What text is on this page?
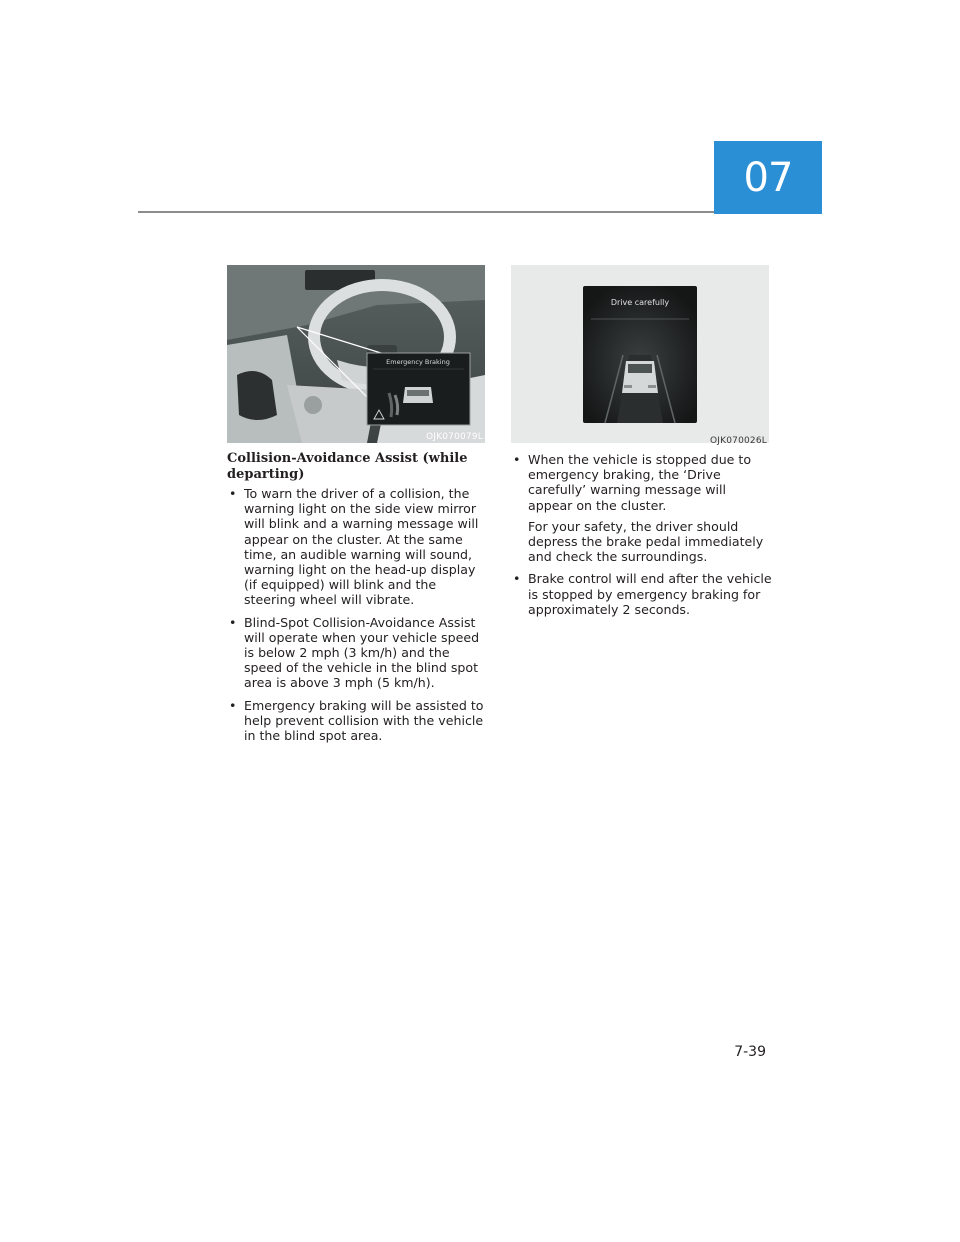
07
Emergency Braking
OJK070079L
Drive carefully
OJK070026L
Collision-Avoidance Assist (while departing)
• To warn the driver of a collision, the warning light on the side view mirror will blink and a warning message will appear on the cluster. At the same time, an audible warning will sound, warning light on the head-up display (if equipped) will blink and the steering wheel will vibrate.

• Blind-Spot Collision-Avoidance Assist will operate when your vehicle speed is below 2 mph (3 km/h) and the speed of the vehicle in the blind spot area is above 3 mph (5 km/h).

• Emergency braking will be assisted to help prevent collision with the vehicle in the blind spot area.

• When the vehicle is stopped due to emergency braking, the ‘Drive carefully’ warning message will appear on the cluster.

For your safety, the driver should depress the brake pedal immediately and check the surroundings.

• Brake control will end after the vehicle is stopped by emergency braking for approximately 2 seconds.

7-39
